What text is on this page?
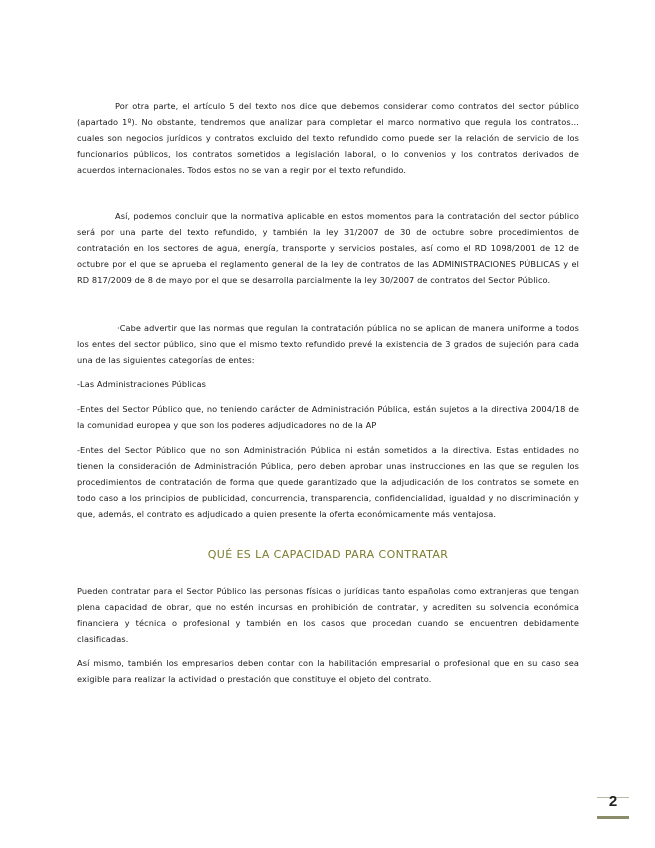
Por otra parte, el artículo 5 del texto nos dice que debemos considerar como contratos del sector público (apartado 1º). No obstante, tendremos que analizar para completar el marco normativo que regula los contratos… cuales son negocios jurídicos y contratos excluido del texto refundido como puede ser la relación de servicio de los funcionarios públicos, los contratos sometidos a legislación laboral, o lo convenios y los contratos derivados de acuerdos internacionales. Todos estos no se van a regir por el texto refundido.

Así, podemos concluir que la normativa aplicable en estos momentos para la contratación del sector público será por una parte del texto refundido, y también la ley 31/2007 de 30 de octubre sobre procedimientos de contratación en los sectores de agua, energía, transporte y servicios postales, así como el RD 1098/2001 de 12 de octubre por el que se aprueba el reglamento general de la ley de contratos de las ADMINISTRACIONES PÚBLICAS y el RD 817/2009 de 8 de mayo por el que se desarrolla parcialmente la ley 30/2007 de contratos del Sector Público.

·Cabe advertir que las normas que regulan la contratación pública no se aplican de manera uniforme a todos los entes del sector público, sino que el mismo texto refundido prevé la existencia de 3 grados de sujeción para cada una de las siguientes categorías de entes:

-Las Administraciones Públicas

-Entes del Sector Público que, no teniendo carácter de Administración Pública, están sujetos a la directiva 2004/18 de la comunidad europea y que son los poderes adjudicadores no de la AP

-Entes del Sector Público que no son Administración Pública ni están sometidos a la directiva. Estas entidades no tienen la consideración de Administración Pública, pero deben aprobar unas instrucciones en las que se regulen los procedimientos de contratación de forma que quede garantizado que la adjudicación de los contratos se somete en todo caso a los principios de publicidad, concurrencia, transparencia, confidencialidad, igualdad y no discriminación y que, además, el contrato es adjudicado a quien presente la oferta económicamente más ventajosa.

QUÉ ES LA CAPACIDAD PARA CONTRATAR

Pueden contratar para el Sector Público las personas físicas o jurídicas tanto españolas como extranjeras que tengan plena capacidad de obrar, que no estén incursas en prohibición de contratar, y acrediten su solvencia económica financiera y técnica o profesional y también en los casos que procedan cuando se encuentren debidamente clasificadas.

Así mismo, también los empresarios deben contar con la habilitación empresarial o profesional que en su caso sea exigible para realizar la actividad o prestación que constituye el objeto del contrato.

2
